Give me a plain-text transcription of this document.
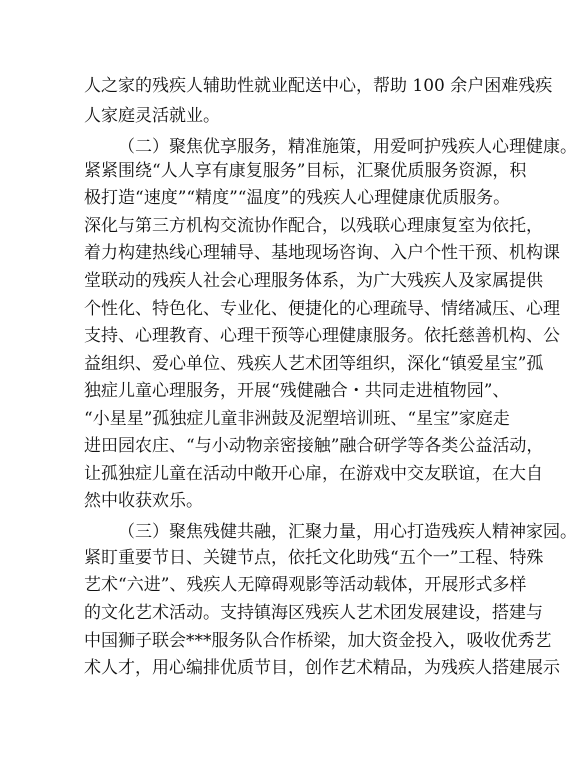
人之家的残疾人辅助性就业配送中心，帮助 100 余户困难残疾
人家庭灵活就业。
（二）聚焦优享服务，精准施策，用爱呵护残疾人心理健康。
紧紧围绕“人人享有康复服务”目标，汇聚优质服务资源，积
极打造“速度”“精度”“温度”的残疾人心理健康优质服务。
深化与第三方机构交流协作配合，以残联心理康复室为依托，
着力构建热线心理辅导、基地现场咨询、入户个性干预、机构课
堂联动的残疾人社会心理服务体系，为广大残疾人及家属提供
个性化、特色化、专业化、便捷化的心理疏导、情绪减压、心理
支持、心理教育、心理干预等心理健康服务。依托慈善机构、公
益组织、爱心单位、残疾人艺术团等组织，深化“镇爱星宝”孤
独症儿童心理服务，开展“残健融合・共同走进植物园”、
“小星星”孤独症儿童非洲鼓及泥塑培训班、“星宝”家庭走
进田园农庄、“与小动物亲密接触”融合研学等各类公益活动，
让孤独症儿童在活动中敞开心扉，在游戏中交友联谊，在大自
然中收获欢乐。
（三）聚焦残健共融，汇聚力量，用心打造残疾人精神家园。
紧盯重要节日、关键节点，依托文化助残“五个一”工程、特殊
艺术“六进”、残疾人无障碍观影等活动载体，开展形式多样
的文化艺术活动。支持镇海区残疾人艺术团发展建设，搭建与
中国狮子联会***服务队合作桥梁，加大资金投入，吸收优秀艺
术人才，用心编排优质节目，创作艺术精品，为残疾人搭建展示
